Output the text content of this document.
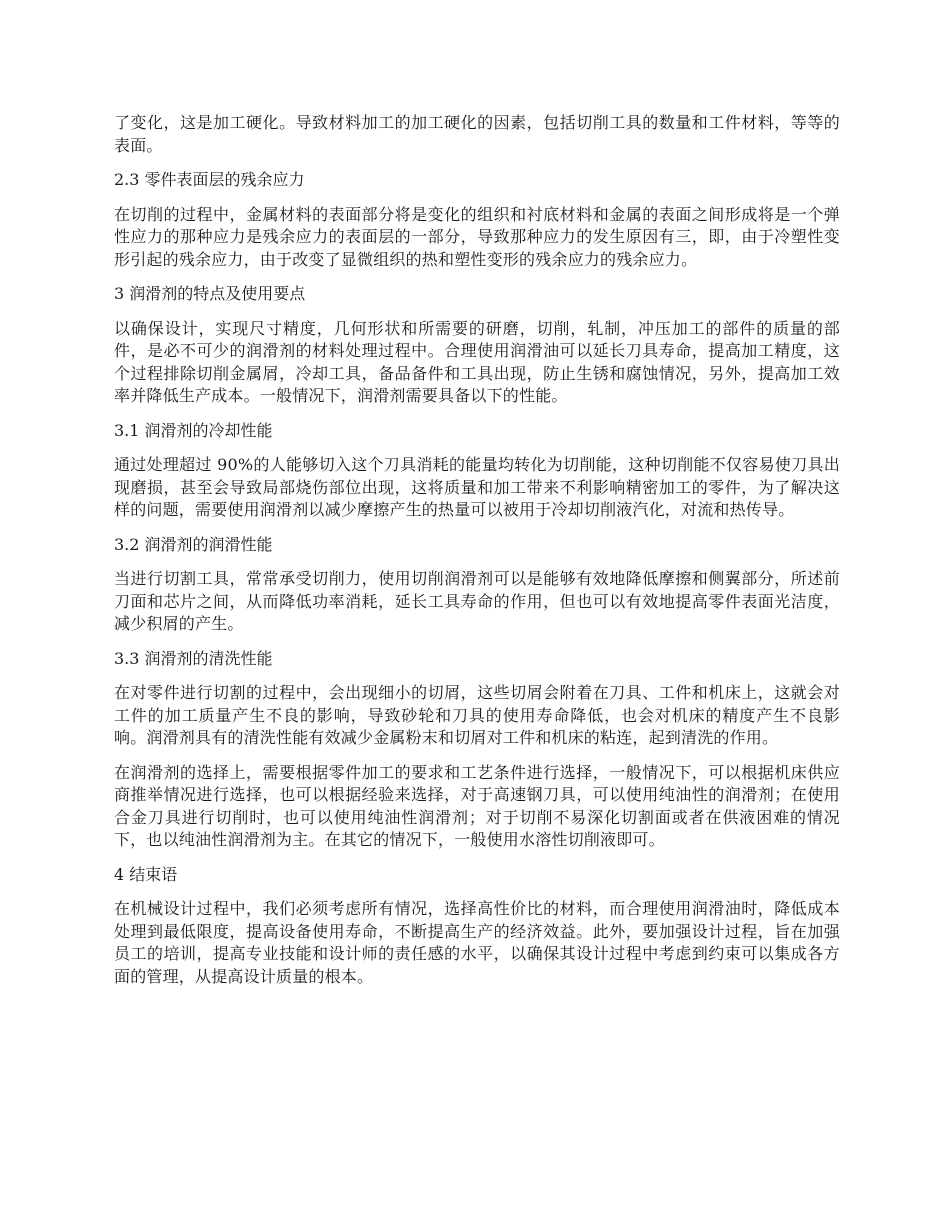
了变化，这是加工硬化。导致材料加工的加工硬化的因素，包括切削工具的数量和工件材料，等等的表面。

2.3 零件表面层的残余应力

在切削的过程中，金属材料的表面部分将是变化的组织和衬底材料和金属的表面之间形成将是一个弹性应力的那种应力是残余应力的表面层的一部分，导致那种应力的发生原因有三，即，由于冷塑性变形引起的残余应力，由于改变了显微组织的热和塑性变形的残余应力的残余应力。

3 润滑剂的特点及使用要点

以确保设计，实现尺寸精度，几何形状和所需要的研磨，切削，轧制，冲压加工的部件的质量的部件，是必不可少的润滑剂的材料处理过程中。合理使用润滑油可以延长刀具寿命，提高加工精度，这个过程排除切削金属屑，冷却工具，备品备件和工具出现，防止生锈和腐蚀情况，另外，提高加工效率并降低生产成本。一般情况下，润滑剂需要具备以下的性能。

3.1 润滑剂的冷却性能

通过处理超过 90%的人能够切入这个刀具消耗的能量均转化为切削能，这种切削能不仅容易使刀具出现磨损，甚至会导致局部烧伤部位出现，这将质量和加工带来不利影响精密加工的零件，为了解决这样的问题，需要使用润滑剂以减少摩擦产生的热量可以被用于冷却切削液汽化，对流和热传导。

3.2 润滑剂的润滑性能

当进行切割工具，常常承受切削力，使用切削润滑剂可以是能够有效地降低摩擦和侧翼部分，所述前刀面和芯片之间，从而降低功率消耗，延长工具寿命的作用，但也可以有效地提高零件表面光洁度，减少积屑的产生。

3.3 润滑剂的清洗性能

在对零件进行切割的过程中，会出现细小的切屑，这些切屑会附着在刀具、工件和机床上，这就会对工件的加工质量产生不良的影响，导致砂轮和刀具的使用寿命降低，也会对机床的精度产生不良影响。润滑剂具有的清洗性能有效减少金属粉末和切屑对工件和机床的粘连，起到清洗的作用。

在润滑剂的选择上，需要根据零件加工的要求和工艺条件进行选择，一般情况下，可以根据机床供应商推举情况进行选择，也可以根据经验来选择，对于高速钢刀具，可以使用纯油性的润滑剂；在使用合金刀具进行切削时，也可以使用纯油性润滑剂；对于切削不易深化切割面或者在供液困难的情况下，也以纯油性润滑剂为主。在其它的情况下，一般使用水溶性切削液即可。

4 结束语

在机械设计过程中，我们必须考虑所有情况，选择高性价比的材料，而合理使用润滑油时，降低成本处理到最低限度，提高设备使用寿命，不断提高生产的经济效益。此外，要加强设计过程，旨在加强员工的培训，提高专业技能和设计师的责任感的水平，以确保其设计过程中考虑到约束可以集成各方面的管理，从提高设计质量的根本。
